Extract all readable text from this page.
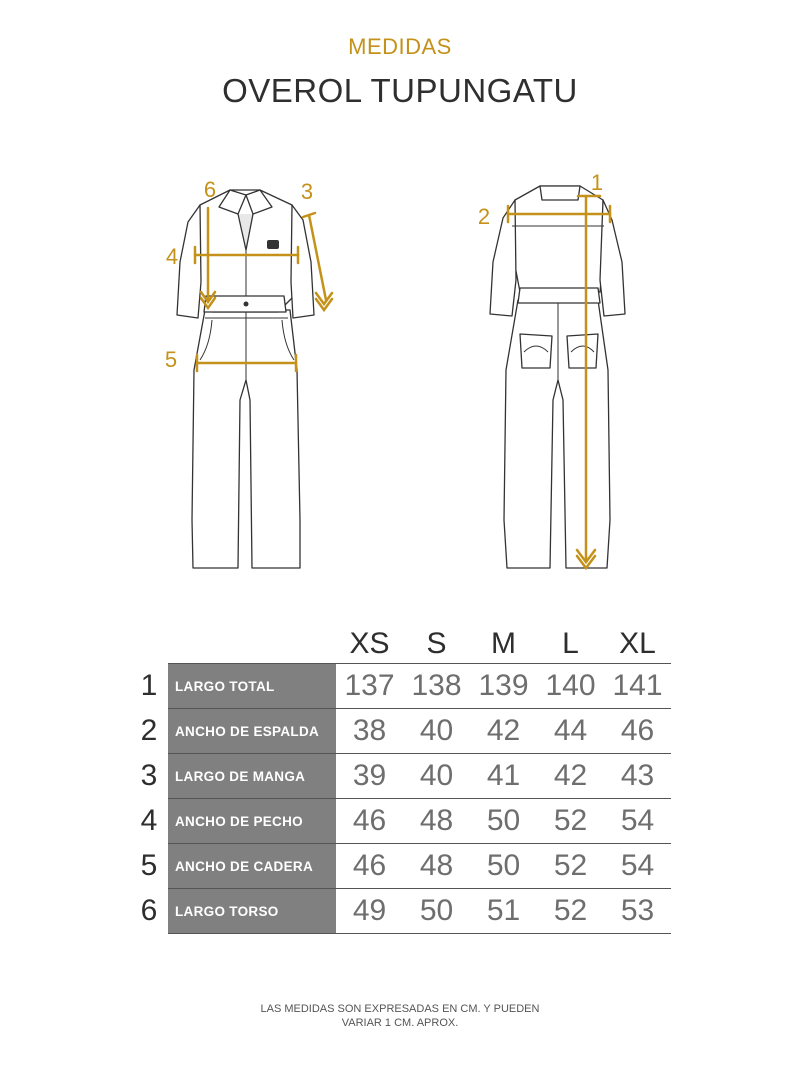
MEDIDAS
OVEROL TUPUNGATU
6	3
4
5
1
2
		XS	S	M	L	XL
1	LARGO TOTAL	137	138	139	140	141
2	ANCHO DE ESPALDA	38	40	42	44	46
3	LARGO DE MANGA	39	40	41	42	43
4	ANCHO DE PECHO	46	48	50	52	54
5	ANCHO DE CADERA	46	48	50	52	54
6	LARGO TORSO	49	50	51	52	53
LAS MEDIDAS SON EXPRESADAS EN CM. Y PUEDEN
VARIAR 1 CM. APROX.
